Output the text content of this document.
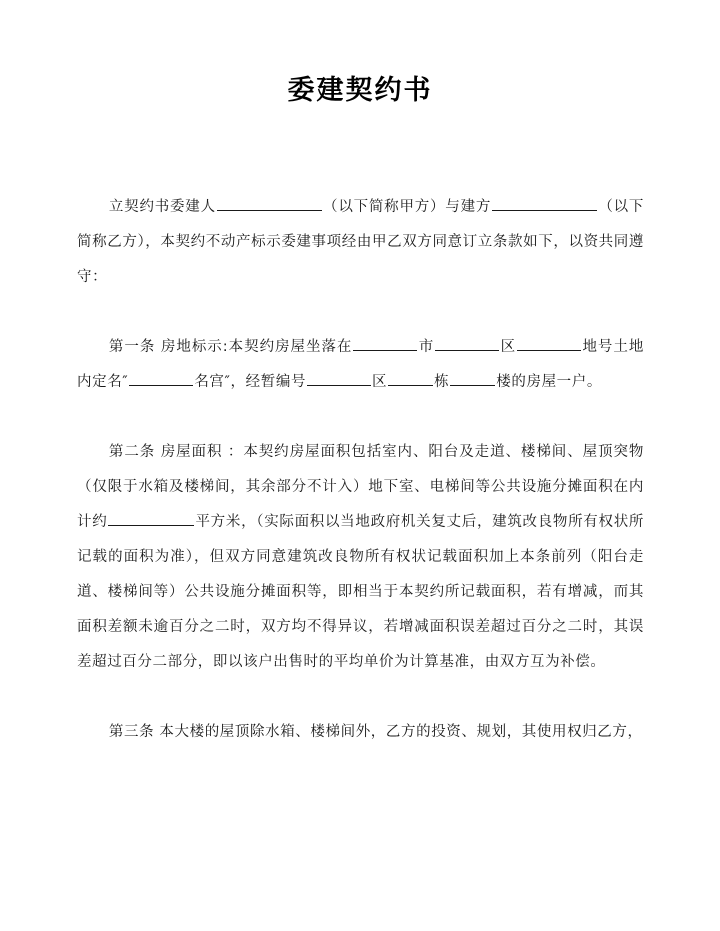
委建契约书

立契约书委建人	（以下简称甲方）与建方	（以下简称乙方），本契约不动产标示委建事项经由甲乙双方同意订立条款如下，以资共同遵守：

第一条 房地标示:本契约房屋坐落在	市	区	地号土地内定名″	名宫″，经暂编号	区	栋	楼的房屋一户。

第二条 房屋面积 ：本契约房屋面积包括室内、阳台及走道、楼梯间、屋顶突物（仅限于水箱及楼梯间，其余部分不计入）地下室、电梯间等公共设施分摊面积在内计约	平方米，（实际面积以当地政府机关复丈后，建筑改良物所有权状所记载的面积为准），但双方同意建筑改良物所有权状记载面积加上本条前列（阳台走道、楼梯间等）公共设施分摊面积等，即相当于本契约所记载面积，若有增减，而其面积差额未逾百分之二时，双方均不得异议，若增减面积误差超过百分之二时，其误差超过百分二部分，即以该户出售时的平均单价为计算基准，由双方互为补偿。

第三条 本大楼的屋顶除水箱、楼梯间外，乙方的投资、规划，其使用权归乙方，
